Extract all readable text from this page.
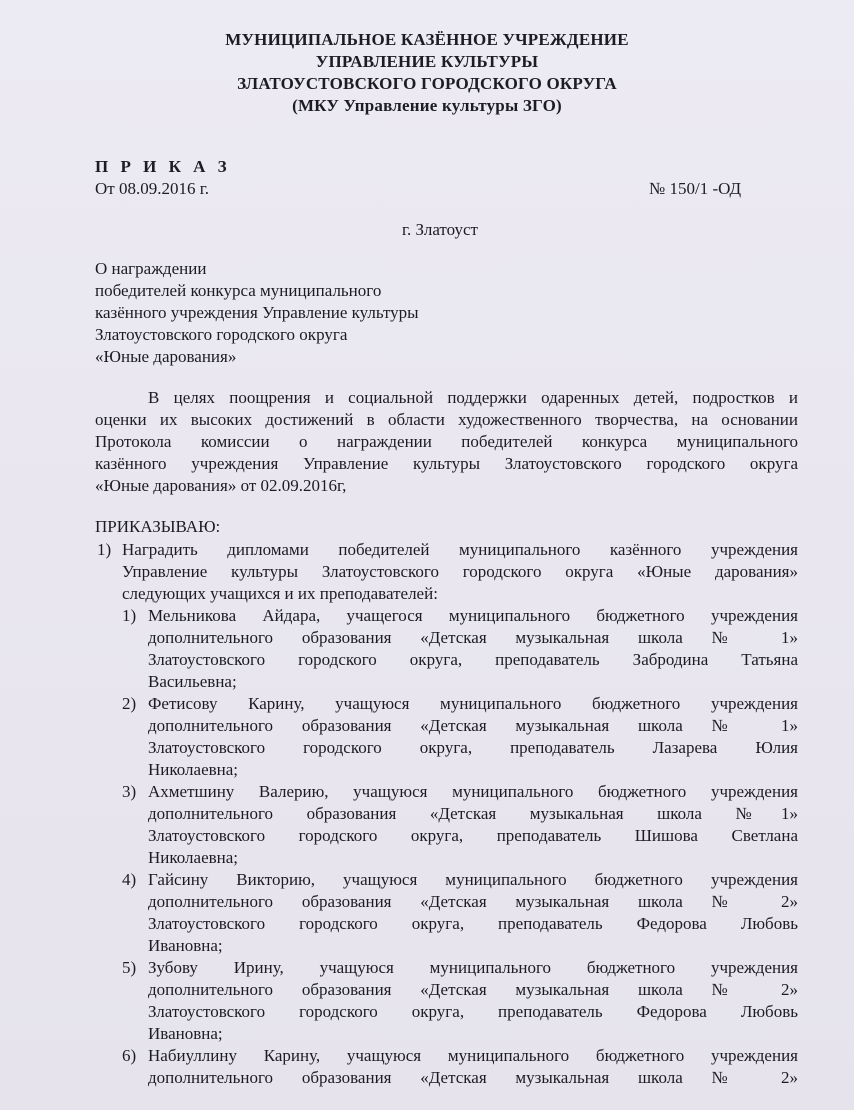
МУНИЦИПАЛЬНОЕ КАЗЁННОЕ УЧРЕЖДЕНИЕ
УПРАВЛЕНИЕ КУЛЬТУРЫ
ЗЛАТОУСТОВСКОГО ГОРОДСКОГО ОКРУГА
(МКУ Управление культуры ЗГО)
П Р И К А З
От 08.09.2016 г.	№ 150/1 -ОД
г. Златоуст
О награждении
победителей конкурса муниципального
казённого учреждения Управление культуры
Златоустовского городского округа
«Юные дарования»
В целях поощрения и социальной поддержки одаренных детей, подростков и
оценки их высоких достижений в области художественного творчества, на основании
Протокола комиссии о награждении победителей конкурса муниципального
казённого учреждения Управление культуры Златоустовского городского округа
«Юные дарования» от 02.09.2016г,
ПРИКАЗЫВАЮ:
1) Наградить дипломами победителей муниципального казённого учреждения
Управление культуры Златоустовского городского округа «Юные дарования»
следующих учащихся и их преподавателей:
1) Мельникова Айдара, учащегося муниципального бюджетного учреждения
дополнительного образования «Детская музыкальная школа № 1»
Златоустовского городского округа, преподаватель Забродина Татьяна
Васильевна;
2) Фетисову Карину, учащуюся муниципального бюджетного учреждения
дополнительного образования «Детская музыкальная школа № 1»
Златоустовского городского округа, преподаватель Лазарева Юлия
Николаевна;
3) Ахметшину Валерию, учащуюся муниципального бюджетного учреждения
дополнительного образования «Детская музыкальная школа №1»
Златоустовского городского округа, преподаватель Шишова Светлана
Николаевна;
4) Гайсину Викторию, учащуюся муниципального бюджетного учреждения
дополнительного образования «Детская музыкальная школа № 2»
Златоустовского городского округа, преподаватель Федорова Любовь
Ивановна;
5) Зубову Ирину, учащуюся муниципального бюджетного учреждения
дополнительного образования «Детская музыкальная школа № 2»
Златоустовского городского округа, преподаватель Федорова Любовь
Ивановна;
6) Набиуллину Карину, учащуюся муниципального бюджетного учреждения
дополнительного образования «Детская музыкальная школа № 2»
